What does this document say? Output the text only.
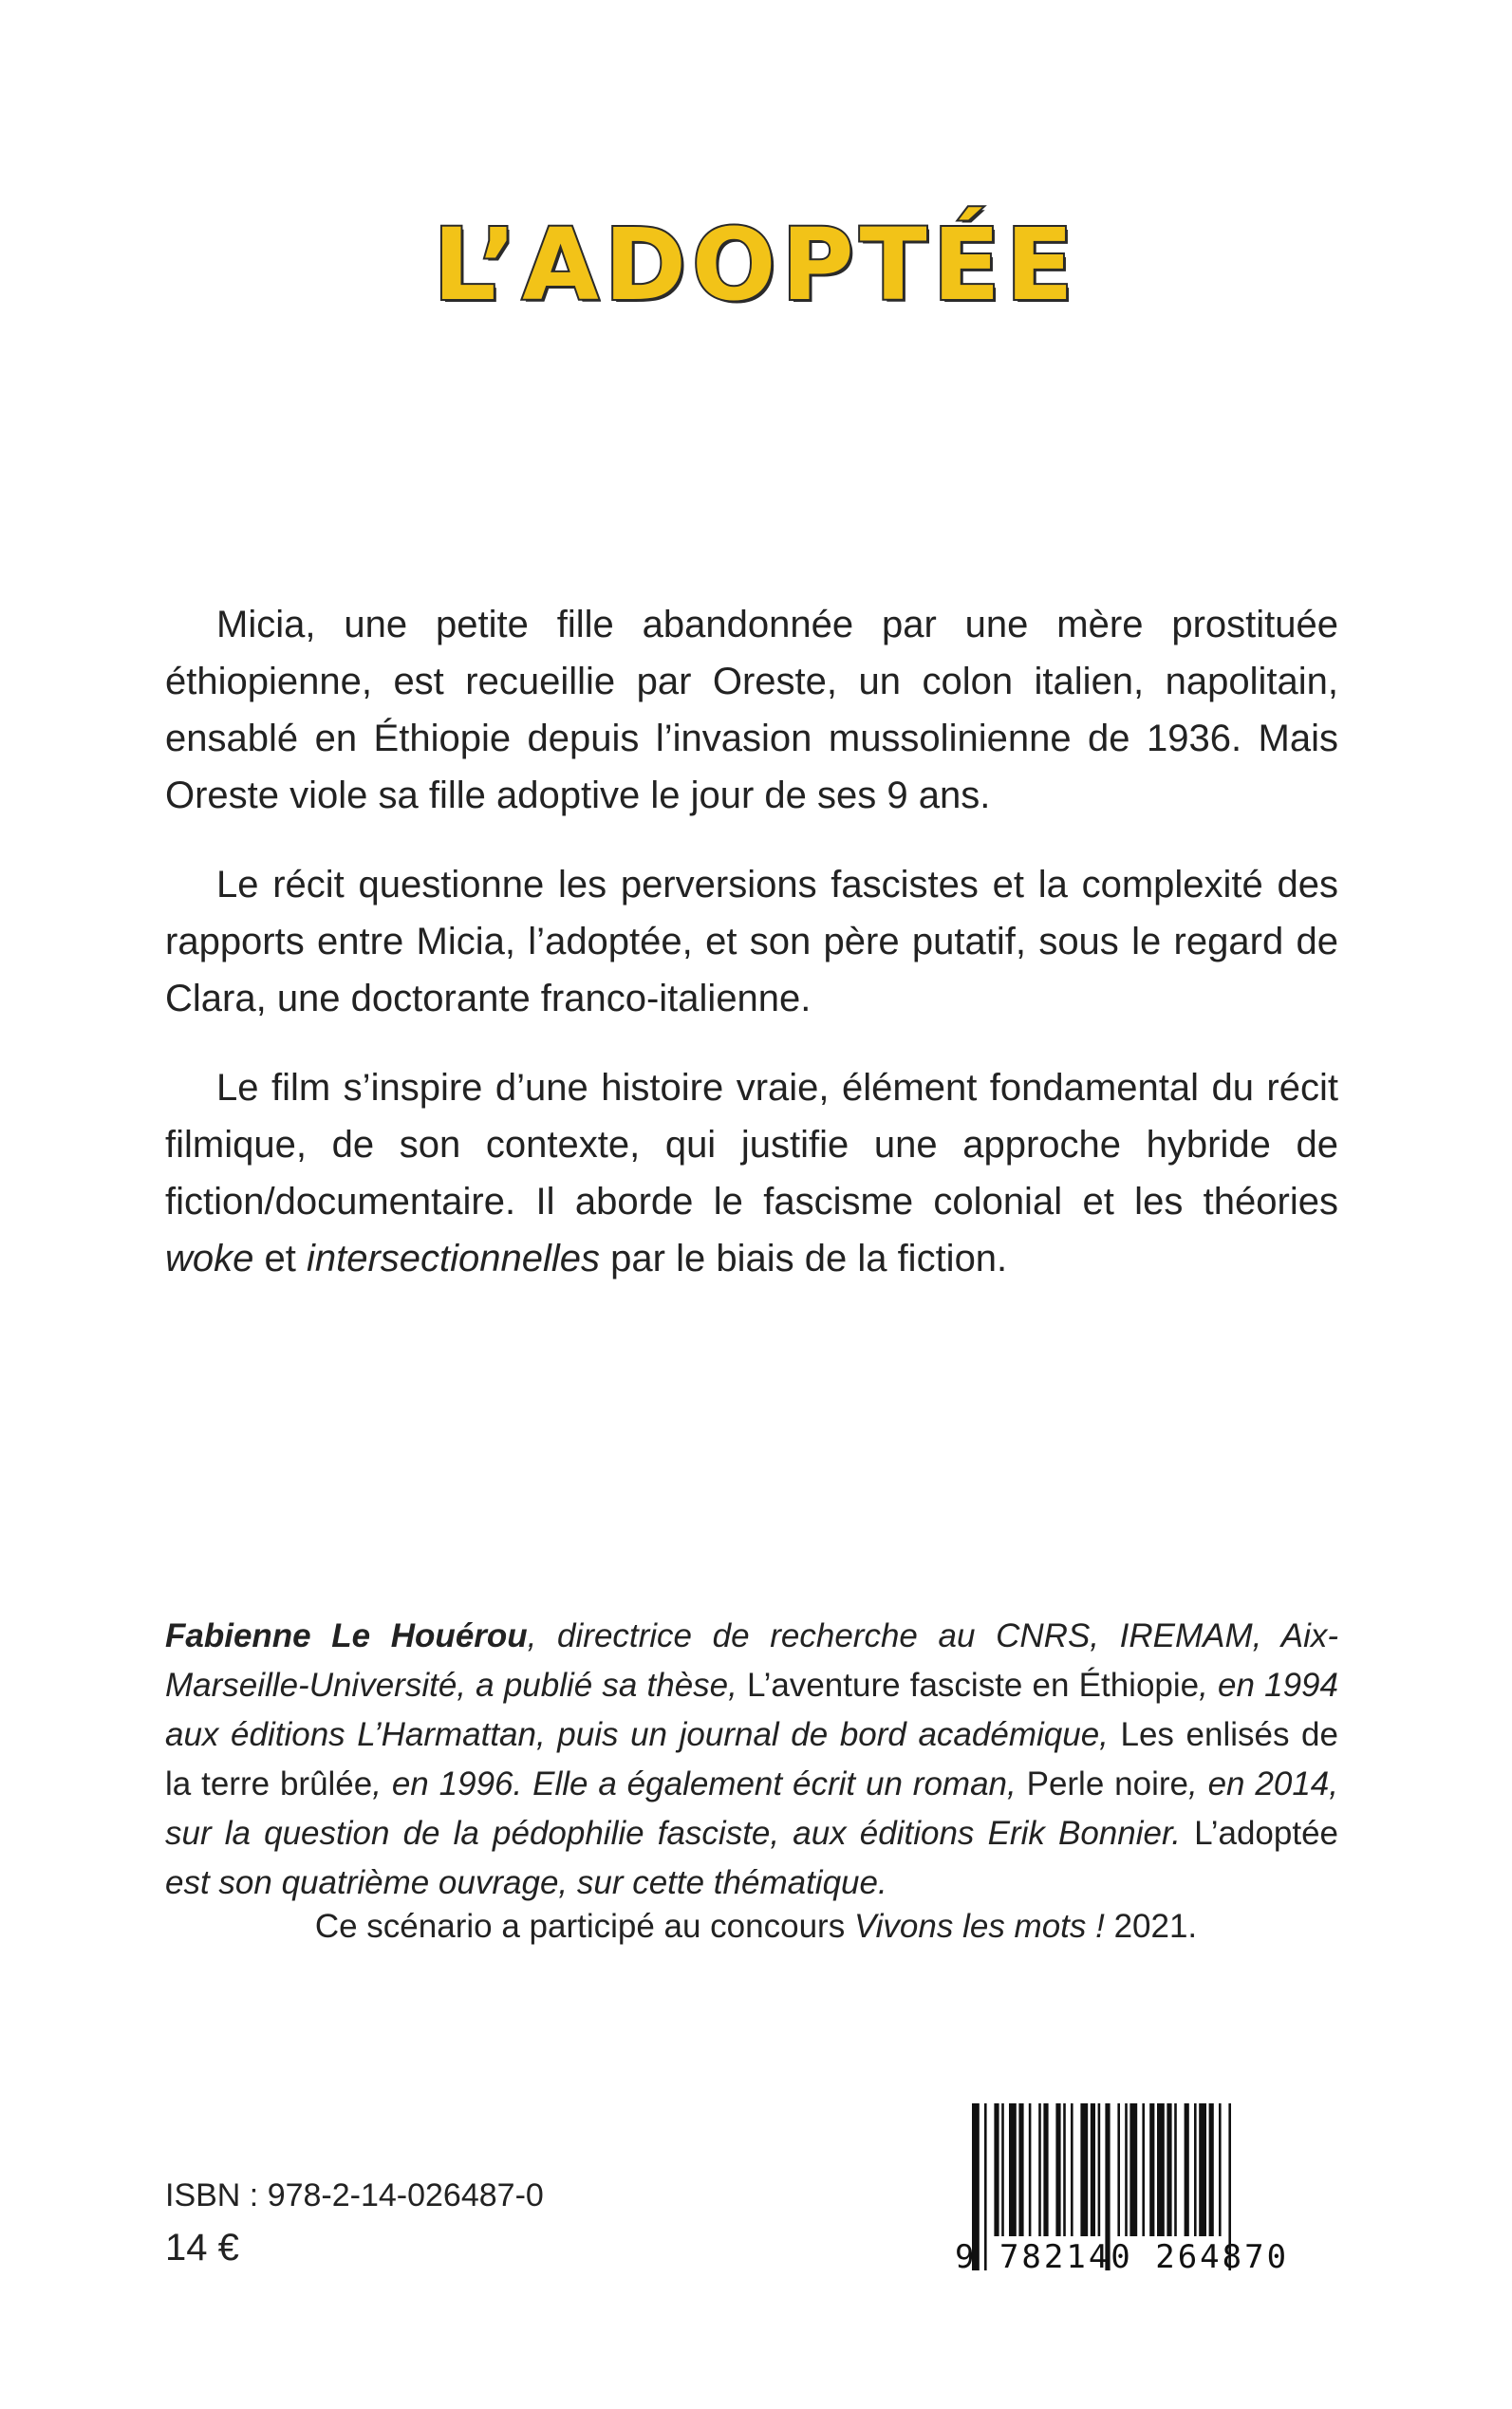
L’ADOPTÉE

Micia, une petite fille abandonnée par une mère prostituée éthiopienne, est recueillie par Oreste, un colon italien, napolitain, ensablé en Éthiopie depuis l’invasion mussolinienne de 1936. Mais Oreste viole sa fille adoptive le jour de ses 9 ans.

Le récit questionne les perversions fascistes et la complexité des rapports entre Micia, l’adoptée, et son père putatif, sous le regard de Clara, une doctorante franco-italienne.

Le film s’inspire d’une histoire vraie, élément fondamental du récit filmique, de son contexte, qui justifie une approche hybride de fiction/documentaire. Il aborde le fascisme colonial et les théories woke et intersectionnelles par le biais de la fiction.

Fabienne Le Houérou, directrice de recherche au CNRS, IREMAM, Aix-Marseille-Université, a publié sa thèse, L’aventure fasciste en Éthiopie, en 1994 aux éditions L’Harmattan, puis un journal de bord académique, Les enlisés de la terre brûlée, en 1996. Elle a également écrit un roman, Perle noire, en 2014, sur la question de la pédophilie fasciste, aux éditions Erik Bonnier. L’adoptée est son quatrième ouvrage, sur cette thématique.
Ce scénario a participé au concours Vivons les mots ! 2021.
ISBN : 978-2-14-026487-0
14 €	9 782140 264870
